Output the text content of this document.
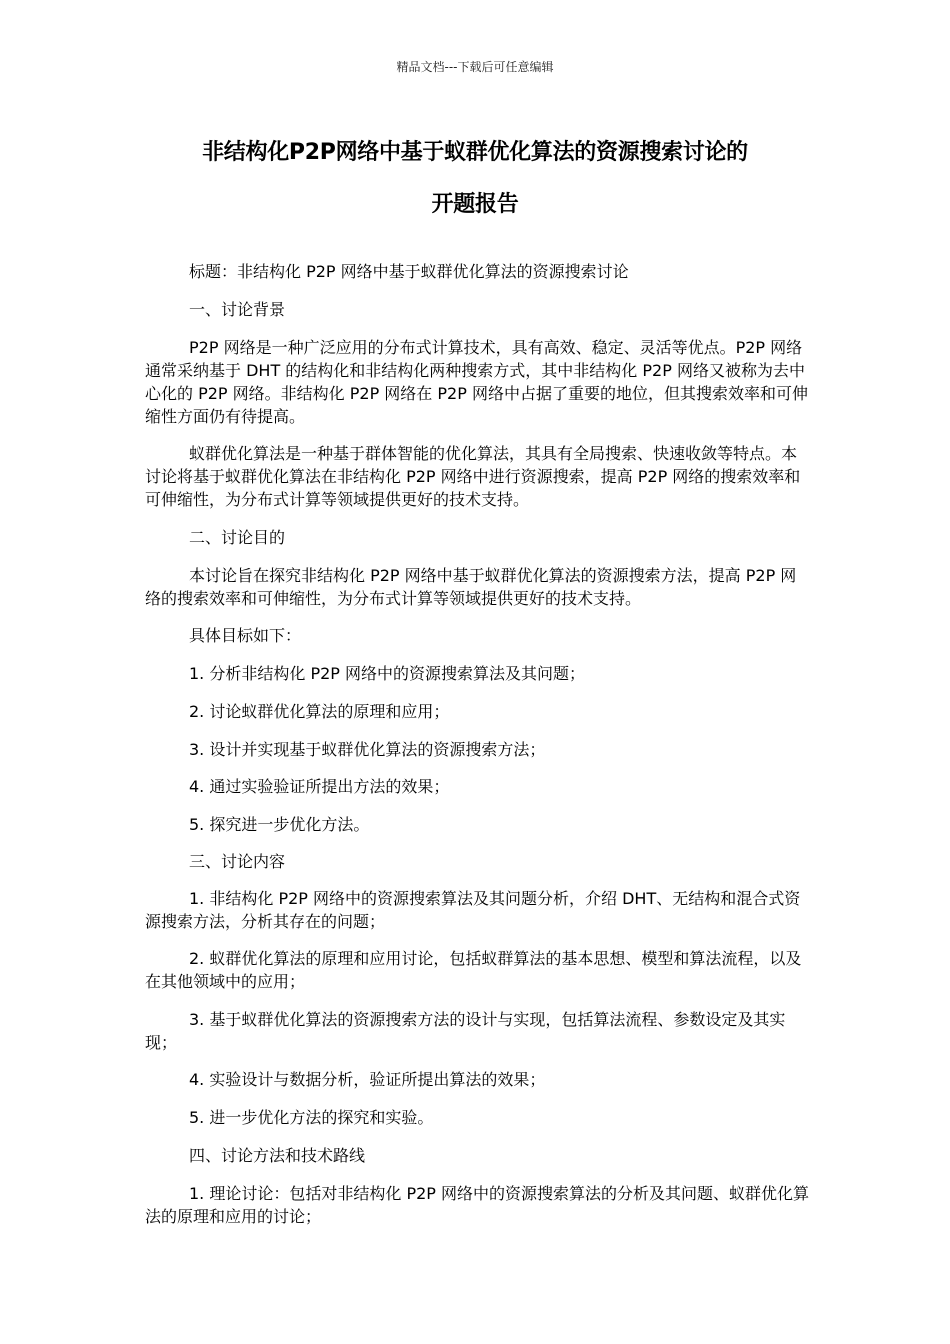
精品文档---下载后可任意编辑
非结构化P2P网络中基于蚁群优化算法的资源搜索讨论的
开题报告

标题：非结构化 P2P 网络中基于蚁群优化算法的资源搜索讨论

一、讨论背景

P2P 网络是一种广泛应用的分布式计算技术，具有高效、稳定、灵活等优点。P2P 网络通常采纳基于 DHT 的结构化和非结构化两种搜索方式，其中非结构化 P2P 网络又被称为去中心化的 P2P 网络。非结构化 P2P 网络在 P2P 网络中占据了重要的地位，但其搜索效率和可伸缩性方面仍有待提高。

蚁群优化算法是一种基于群体智能的优化算法，其具有全局搜索、快速收敛等特点。本讨论将基于蚁群优化算法在非结构化 P2P 网络中进行资源搜索，提高 P2P 网络的搜索效率和可伸缩性，为分布式计算等领域提供更好的技术支持。

二、讨论目的

本讨论旨在探究非结构化 P2P 网络中基于蚁群优化算法的资源搜索方法，提高 P2P 网络的搜索效率和可伸缩性，为分布式计算等领域提供更好的技术支持。

具体目标如下：

1. 分析非结构化 P2P 网络中的资源搜索算法及其问题；

2. 讨论蚁群优化算法的原理和应用；

3. 设计并实现基于蚁群优化算法的资源搜索方法；

4. 通过实验验证所提出方法的效果；

5. 探究进一步优化方法。

三、讨论内容

1. 非结构化 P2P 网络中的资源搜索算法及其问题分析，介绍 DHT、无结构和混合式资源搜索方法，分析其存在的问题；

2. 蚁群优化算法的原理和应用讨论，包括蚁群算法的基本思想、模型和算法流程，以及在其他领域中的应用；

3. 基于蚁群优化算法的资源搜索方法的设计与实现，包括算法流程、参数设定及其实现；

4. 实验设计与数据分析，验证所提出算法的效果；

5. 进一步优化方法的探究和实验。

四、讨论方法和技术路线

1. 理论讨论：包括对非结构化 P2P 网络中的资源搜索算法的分析及其问题、蚁群优化算法的原理和应用的讨论；
